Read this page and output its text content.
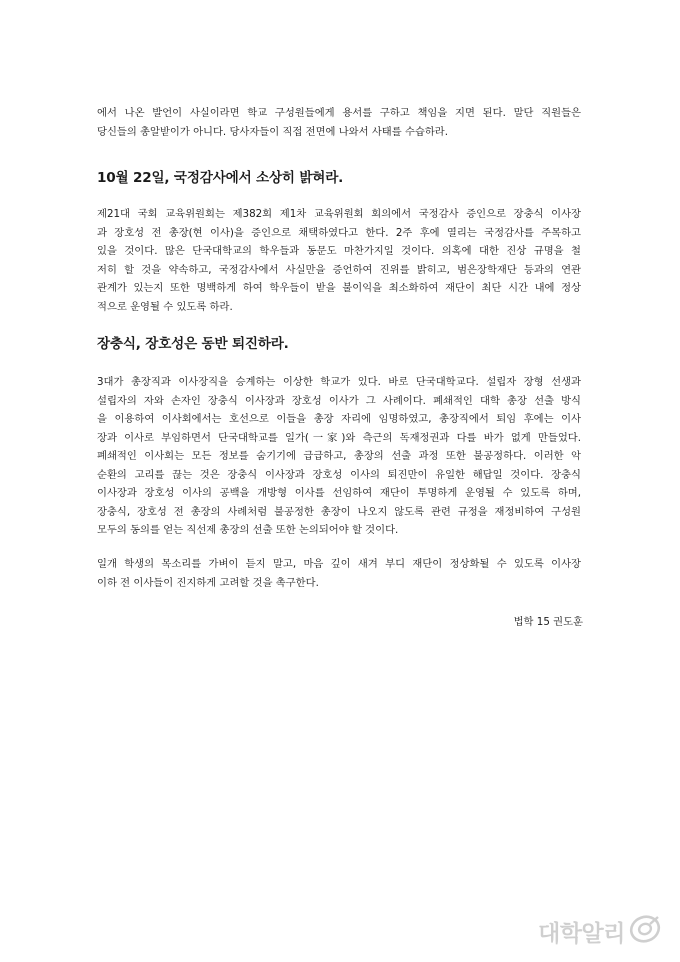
에서 나온 발언이 사실이라면 학교 구성원들에게 용서를 구하고 책임을 지면 된다. 말단 직원들은
당신들의 총알받이가 아니다. 당사자들이 직접 전면에 나와서 사태를 수습하라.
10월 22일, 국정감사에서 소상히 밝혀라.
제21대 국회 교육위원회는 제382회 제1차 교육위원회 회의에서 국정감사 증인으로 장충식 이사장
과 장호성 전 총장(현 이사)을 증인으로 채택하였다고 한다. 2주 후에 열리는 국정감사를 주목하고
있을 것이다. 많은 단국대학교의 학우들과 동문도 마찬가지일 것이다. 의혹에 대한 진상 규명을 철
저히 할 것을 약속하고, 국정감사에서 사실만을 증언하여 진위를 밝히고, 범은장학재단 등과의 연관
관계가 있는지 또한 명백하게 하여 학우들이 받을 불이익을 최소화하여 재단이 최단 시간 내에 정상
적으로 운영될 수 있도록 하라.
장충식, 장호성은 동반 퇴진하라.
3대가 총장직과 이사장직을 승계하는 이상한 학교가 있다. 바로 단국대학교다. 설립자 장형 선생과
설립자의 자와 손자인 장충식 이사장과 장호성 이사가 그 사례이다. 폐쇄적인 대학 총장 선출 방식
을 이용하여 이사회에서는 호선으로 이들을 총장 자리에 임명하였고, 총장직에서 퇴임 후에는 이사
장과 이사로 부임하면서 단국대학교를 일가(一家)와 측근의 독재정권과 다를 바가 없게 만들었다.
폐쇄적인 이사회는 모든 정보를 숨기기에 급급하고, 총장의 선출 과정 또한 불공정하다. 이러한 악
순환의 고리를 끊는 것은 장충식 이사장과 장호성 이사의 퇴진만이 유일한 해답일 것이다. 장충식
이사장과 장호성 이사의 공백을 개방형 이사를 선임하여 재단이 투명하게 운영될 수 있도록 하며,
장충식, 장호성 전 총장의 사례처럼 불공정한 총장이 나오지 않도록 관련 규정을 재정비하여 구성원
모두의 동의를 얻는 직선제 총장의 선출 또한 논의되어야 할 것이다.
일개 학생의 목소리를 가벼이 듣지 말고, 마음 깊이 새겨 부디 재단이 정상화될 수 있도록 이사장
이하 전 이사들이 진지하게 고려할 것을 촉구한다.
법학 15 권도훈
대학알리
